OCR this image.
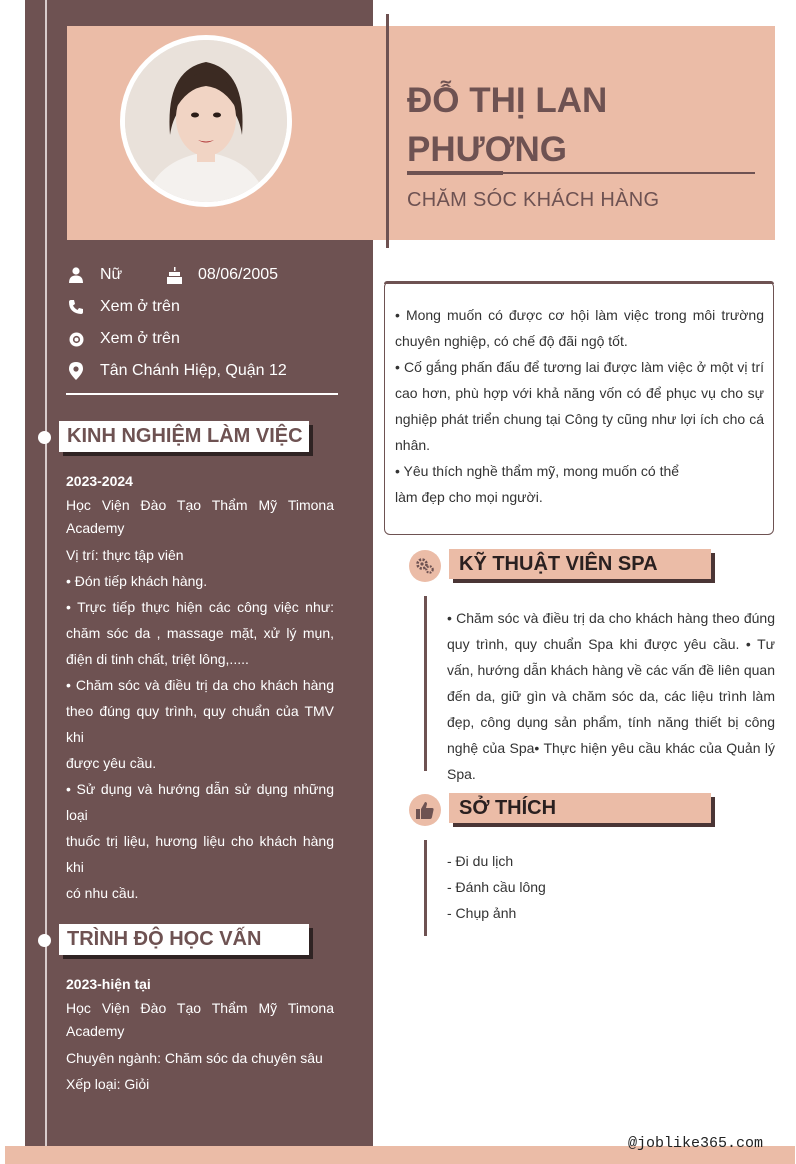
ĐỖ THỊ LAN PHƯƠNG
CHĂM SÓC KHÁCH HÀNG
Nữ	08/06/2005
Xem ở trên
Xem ở trên
Tân Chánh Hiệp, Quận 12
KINH NGHIỆM LÀM VIỆC

2023-2024

Học Viện Đào Tạo Thẩm Mỹ Timona Academy

Vị trí: thực tập viên

• Đón tiếp khách hàng.

• Trực tiếp thực hiện các công việc như: chăm sóc da , massage mặt, xử lý mụn, điện di tinh chất, triệt lông,.....

• Chăm sóc và điều trị da cho khách hàng theo đúng quy trình, quy chuẩn của TMV khi

được yêu cầu.

• Sử dụng và hướng dẫn sử dụng những loại

thuốc trị liệu, hương liệu cho khách hàng khi

có nhu cầu.

TRÌNH ĐỘ HỌC VẤN

2023-hiện tại

Học Viện Đào Tạo Thẩm Mỹ Timona Academy

Chuyên ngành: Chăm sóc da chuyên sâu

Xếp loại: Giỏi

• Mong muốn có được cơ hội làm việc trong môi trường chuyên nghiệp, có chế độ đãi ngộ tốt.

• Cố gắng phấn đấu để tương lai được làm việc ở một vị trí cao hơn, phù hợp với khả năng vốn có để phục vụ cho sự nghiệp phát triển chung tại Công ty cũng như lợi ích cho cá nhân.

• Yêu thích nghề thẩm mỹ, mong muốn có thể

làm đẹp cho mọi người.

KỸ THUẬT VIÊN SPA

• Chăm sóc và điều trị da cho khách hàng theo đúng quy trình, quy chuẩn Spa khi được yêu cầu. • Tư vấn, hướng dẫn khách hàng về các vấn đề liên quan đến da, giữ gìn và chăm sóc da, các liệu trình làm đẹp, công dụng sản phẩm, tính năng thiết bị công nghệ của Spa• Thực hiện yêu cầu khác của Quản lý Spa.

SỞ THÍCH

- Đi du lịch

- Đánh cầu lông

- Chụp ảnh

@joblike365.com
